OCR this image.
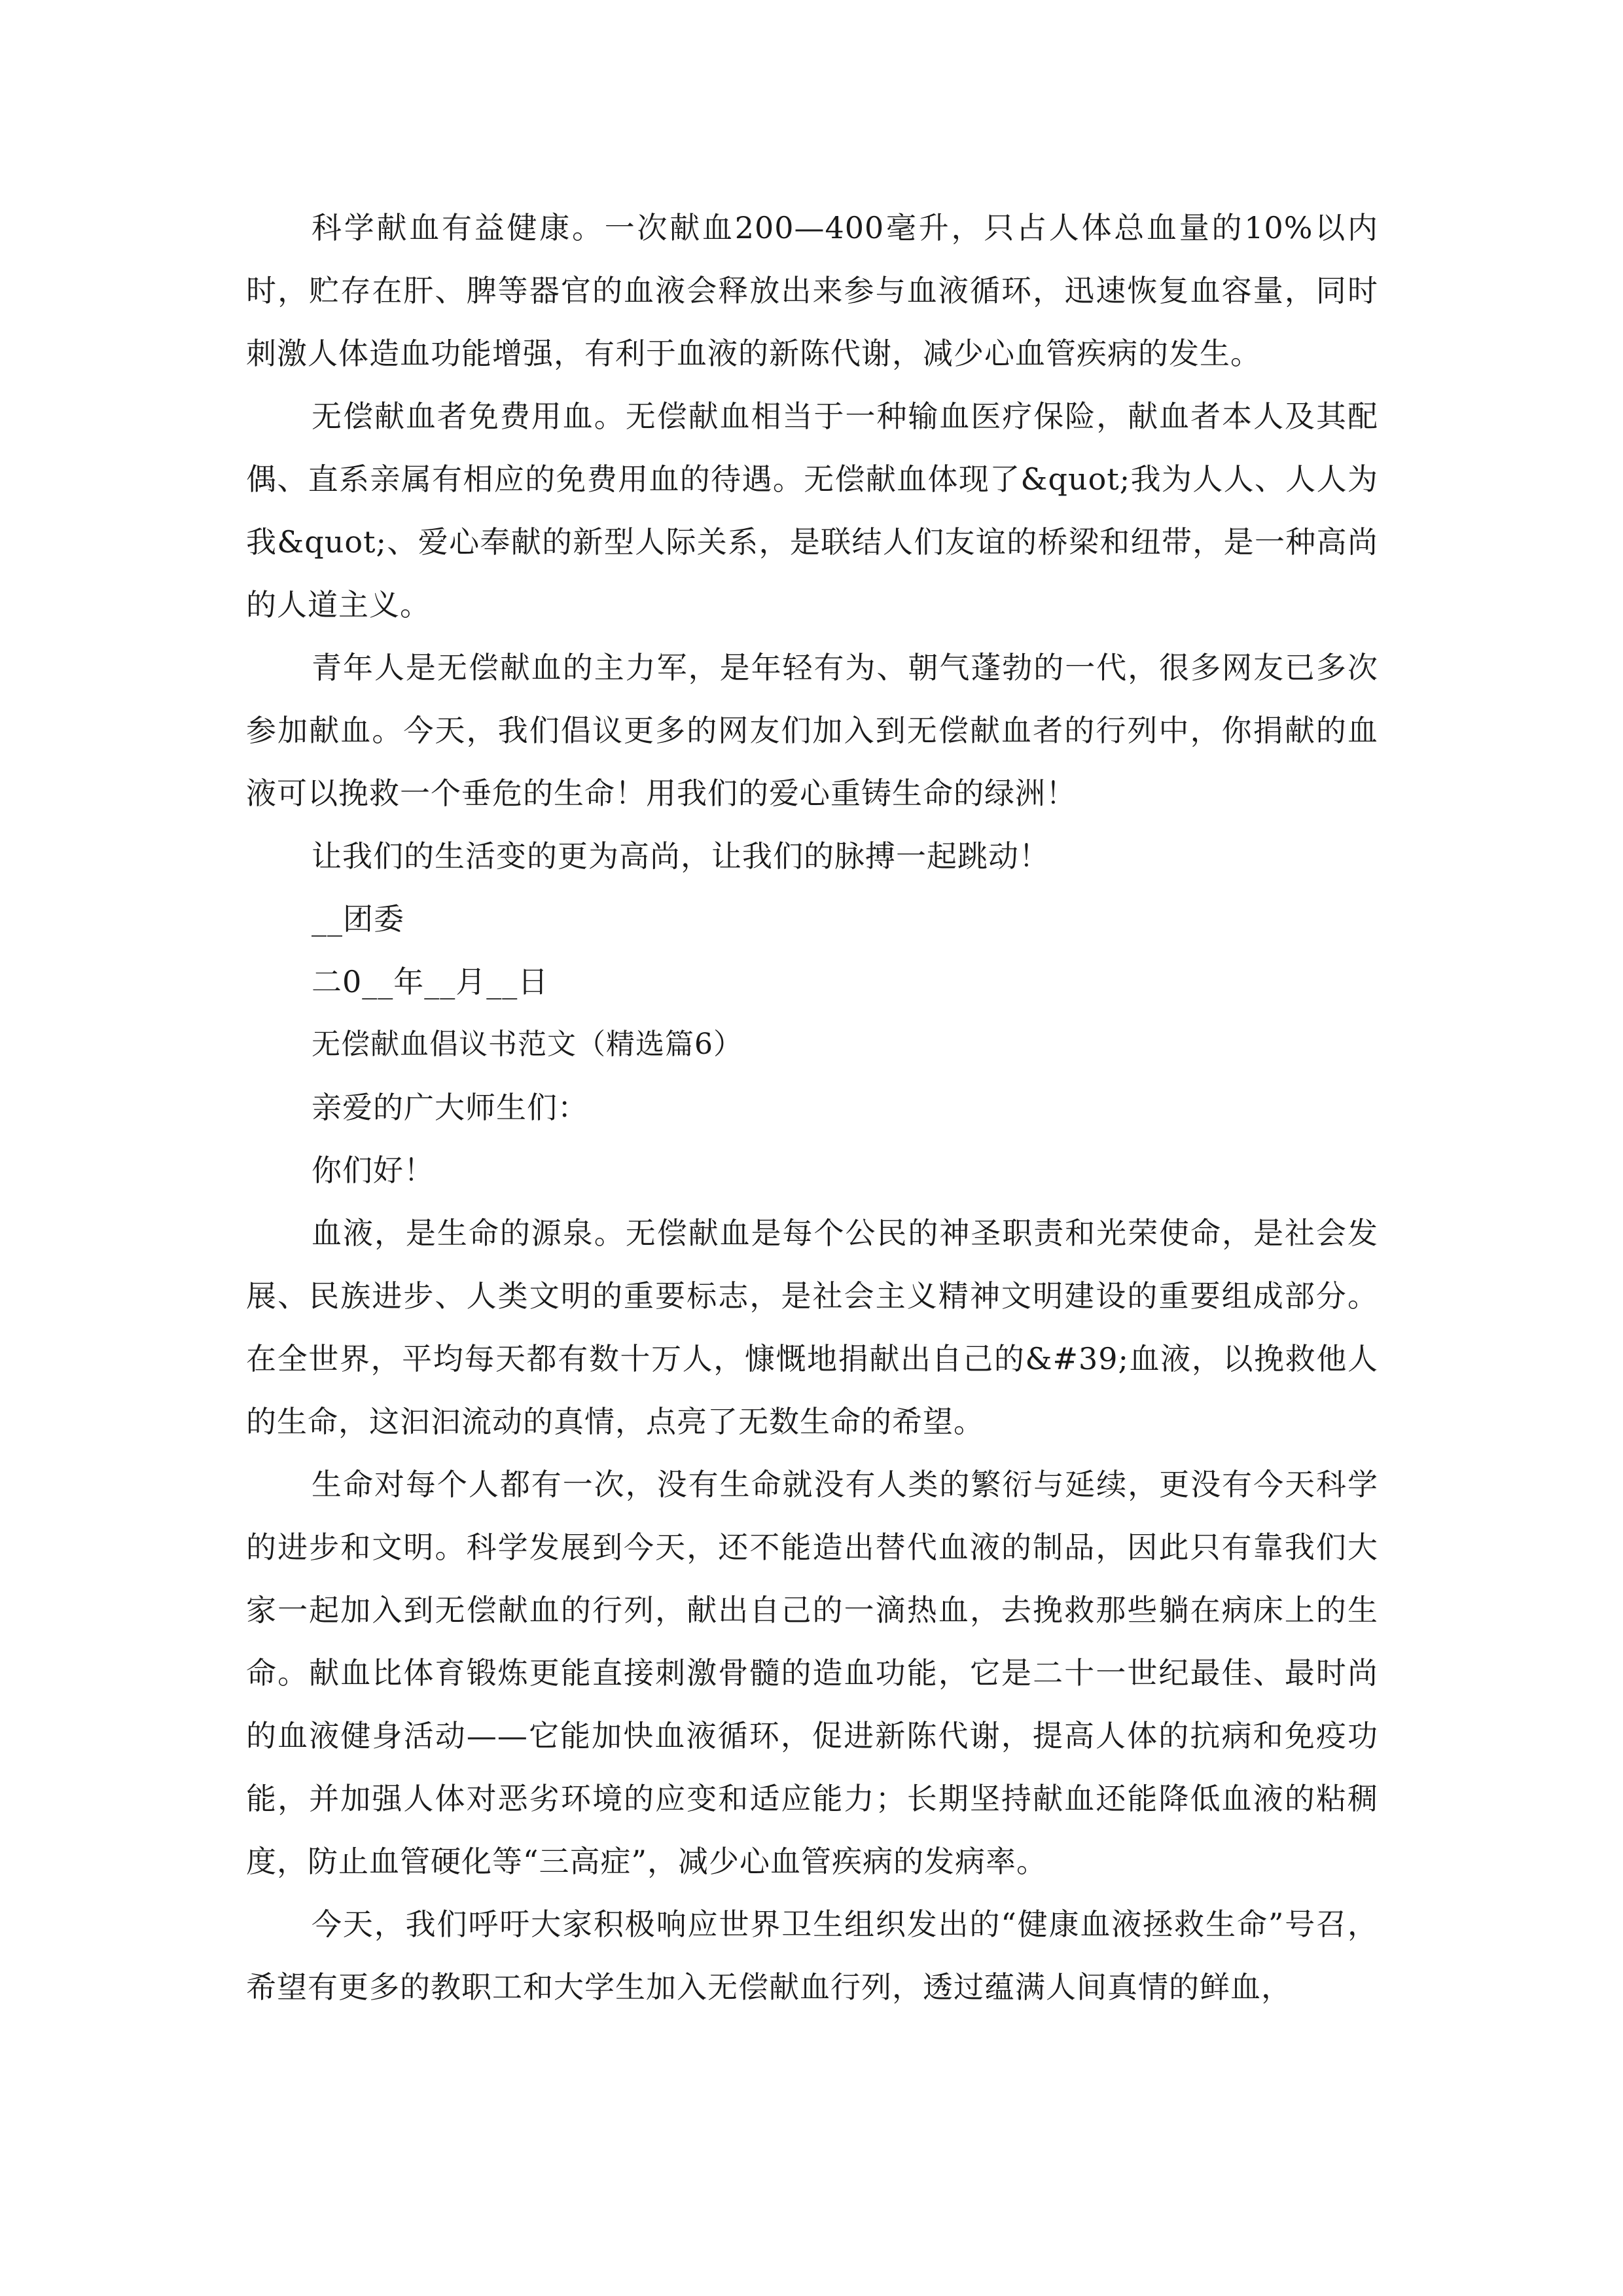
科学献血有益健康。一次献血200—400毫升，只占人体总血量的10%以内时，贮存在肝、脾等器官的血液会释放出来参与血液循环，迅速恢复血容量，同时刺激人体造血功能增强，有利于血液的新陈代谢，减少心血管疾病的发生。

无偿献血者免费用血。无偿献血相当于一种输血医疗保险，献血者本人及其配偶、直系亲属有相应的免费用血的待遇。无偿献血体现了&quot;我为人人、人人为我&quot;、爱心奉献的新型人际关系，是联结人们友谊的桥梁和纽带，是一种高尚的人道主义。

青年人是无偿献血的主力军，是年轻有为、朝气蓬勃的一代，很多网友已多次参加献血。今天，我们倡议更多的网友们加入到无偿献血者的行列中，你捐献的血液可以挽救一个垂危的生命！用我们的爱心重铸生命的绿洲！

让我们的生活变的更为高尚，让我们的脉搏一起跳动！

__团委

二0__年__月__日

无偿献血倡议书范文（精选篇6）

亲爱的广大师生们：

你们好！

血液，是生命的源泉。无偿献血是每个公民的神圣职责和光荣使命，是社会发展、民族进步、人类文明的重要标志，是社会主义精神文明建设的重要组成部分。在全世界，平均每天都有数十万人，慷慨地捐献出自己的&#39;血液，以挽救他人的生命，这汩汩流动的真情，点亮了无数生命的希望。

生命对每个人都有一次，没有生命就没有人类的繁衍与延续，更没有今天科学的进步和文明。科学发展到今天，还不能造出替代血液的制品，因此只有靠我们大家一起加入到无偿献血的行列，献出自己的一滴热血，去挽救那些躺在病床上的生命。献血比体育锻炼更能直接刺激骨髓的造血功能，它是二十一世纪最佳、最时尚的血液健身活动——它能加快血液循环，促进新陈代谢，提高人体的抗病和免疫功能，并加强人体对恶劣环境的应变和适应能力；长期坚持献血还能降低血液的粘稠度，防止血管硬化等“三高症”，减少心血管疾病的发病率。

今天，我们呼吁大家积极响应世界卫生组织发出的“健康血液拯救生命”号召，希望有更多的教职工和大学生加入无偿献血行列，透过蕴满人间真情的鲜血，
